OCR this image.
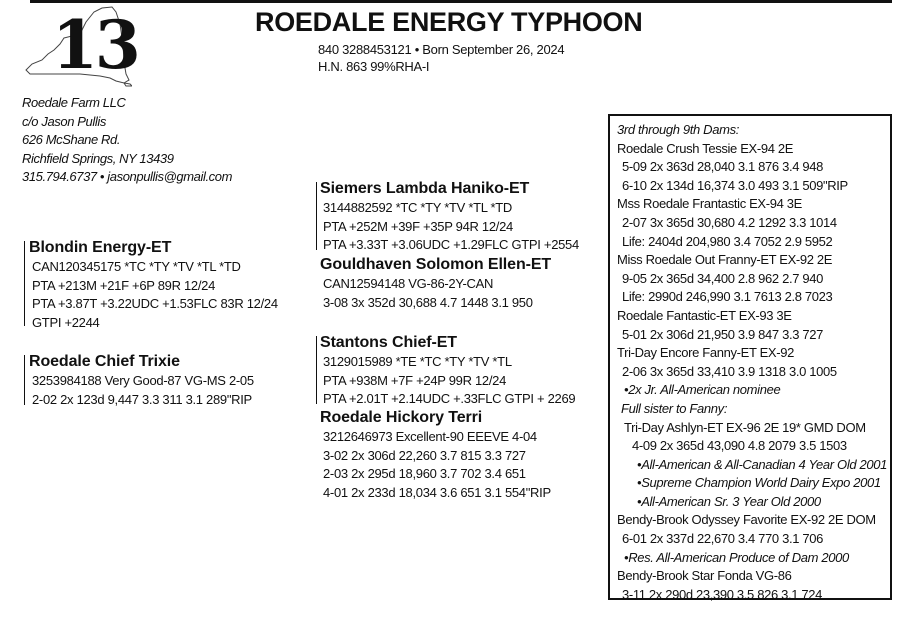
13	ROEDALE ENERGY TYPHOON
840 3288453121 • Born September 26, 2024
H.N. 863 99%RHA-I
Roedale Farm LLC
c/o Jason Pullis
626 McShane Rd.
Richfield Springs, NY 13439
315.794.6737 • jasonpullis@gmail.com
Blondin Energy-ET
CAN120345175 *TC *TY *TV *TL *TD
PTA +213M +21F +6P 89R 12/24
PTA +3.87T +3.22UDC +1.53FLC 83R 12/24
GTPI +2244
Roedale Chief Trixie
3253984188 Very Good-87 VG-MS 2-05
2-02 2x 123d 9,447 3.3 311 3.1 289"RIP
Siemers Lambda Haniko-ET
3144882592 *TC *TY *TV *TL *TD
PTA +252M +39F +35P 94R 12/24
PTA +3.33T +3.06UDC +1.29FLC GTPI +2554
Gouldhaven Solomon Ellen-ET
CAN12594148 VG-86-2Y-CAN
3-08 3x 352d 30,688 4.7 1448 3.1 950
Stantons Chief-ET
3129015989 *TE *TC *TY *TV *TL
PTA +938M +7F +24P 99R 12/24
PTA +2.01T +2.14UDC +.33FLC GTPI + 2269
Roedale Hickory Terri
3212646973 Excellent-90 EEEVE 4-04
3-02 2x 306d 22,260 3.7 815 3.3 727
2-03 2x 295d 18,960 3.7 702 3.4 651
4-01 2x 233d 18,034 3.6 651 3.1 554"RIP
3rd through 9th Dams:
Roedale Crush Tessie EX-94 2E
5-09 2x 363d 28,040 3.1 876 3.4 948
6-10 2x 134d 16,374 3.0 493 3.1 509"RIP
Mss Roedale Frantastic EX-94 3E
2-07 3x 365d 30,680 4.2 1292 3.3 1014
Life: 2404d 204,980 3.4 7052 2.9 5952
Miss Roedale Out Franny-ET EX-92 2E
9-05 2x 365d 34,400 2.8 962 2.7 940
Life: 2990d 246,990 3.1 7613 2.8 7023
Roedale Fantastic-ET EX-93 3E
5-01 2x 306d 21,950 3.9 847 3.3 727
Tri-Day Encore Fanny-ET EX-92
2-06 3x 365d 33,410 3.9 1318 3.0 1005
•2x Jr. All-American nominee
Full sister to Fanny:
Tri-Day Ashlyn-ET EX-96 2E 19* GMD DOM
4-09 2x 365d 43,090 4.8 2079 3.5 1503
•All-American & All-Canadian 4 Year Old 2001
•Supreme Champion World Dairy Expo 2001
•All-American Sr. 3 Year Old 2000
Bendy-Brook Odyssey Favorite EX-92 2E DOM
6-01 2x 337d 22,670 3.4 770 3.1 706
•Res. All-American Produce of Dam 2000
Bendy-Brook Star Fonda VG-86
3-11 2x 290d 23,390 3.5 826 3.1 724
